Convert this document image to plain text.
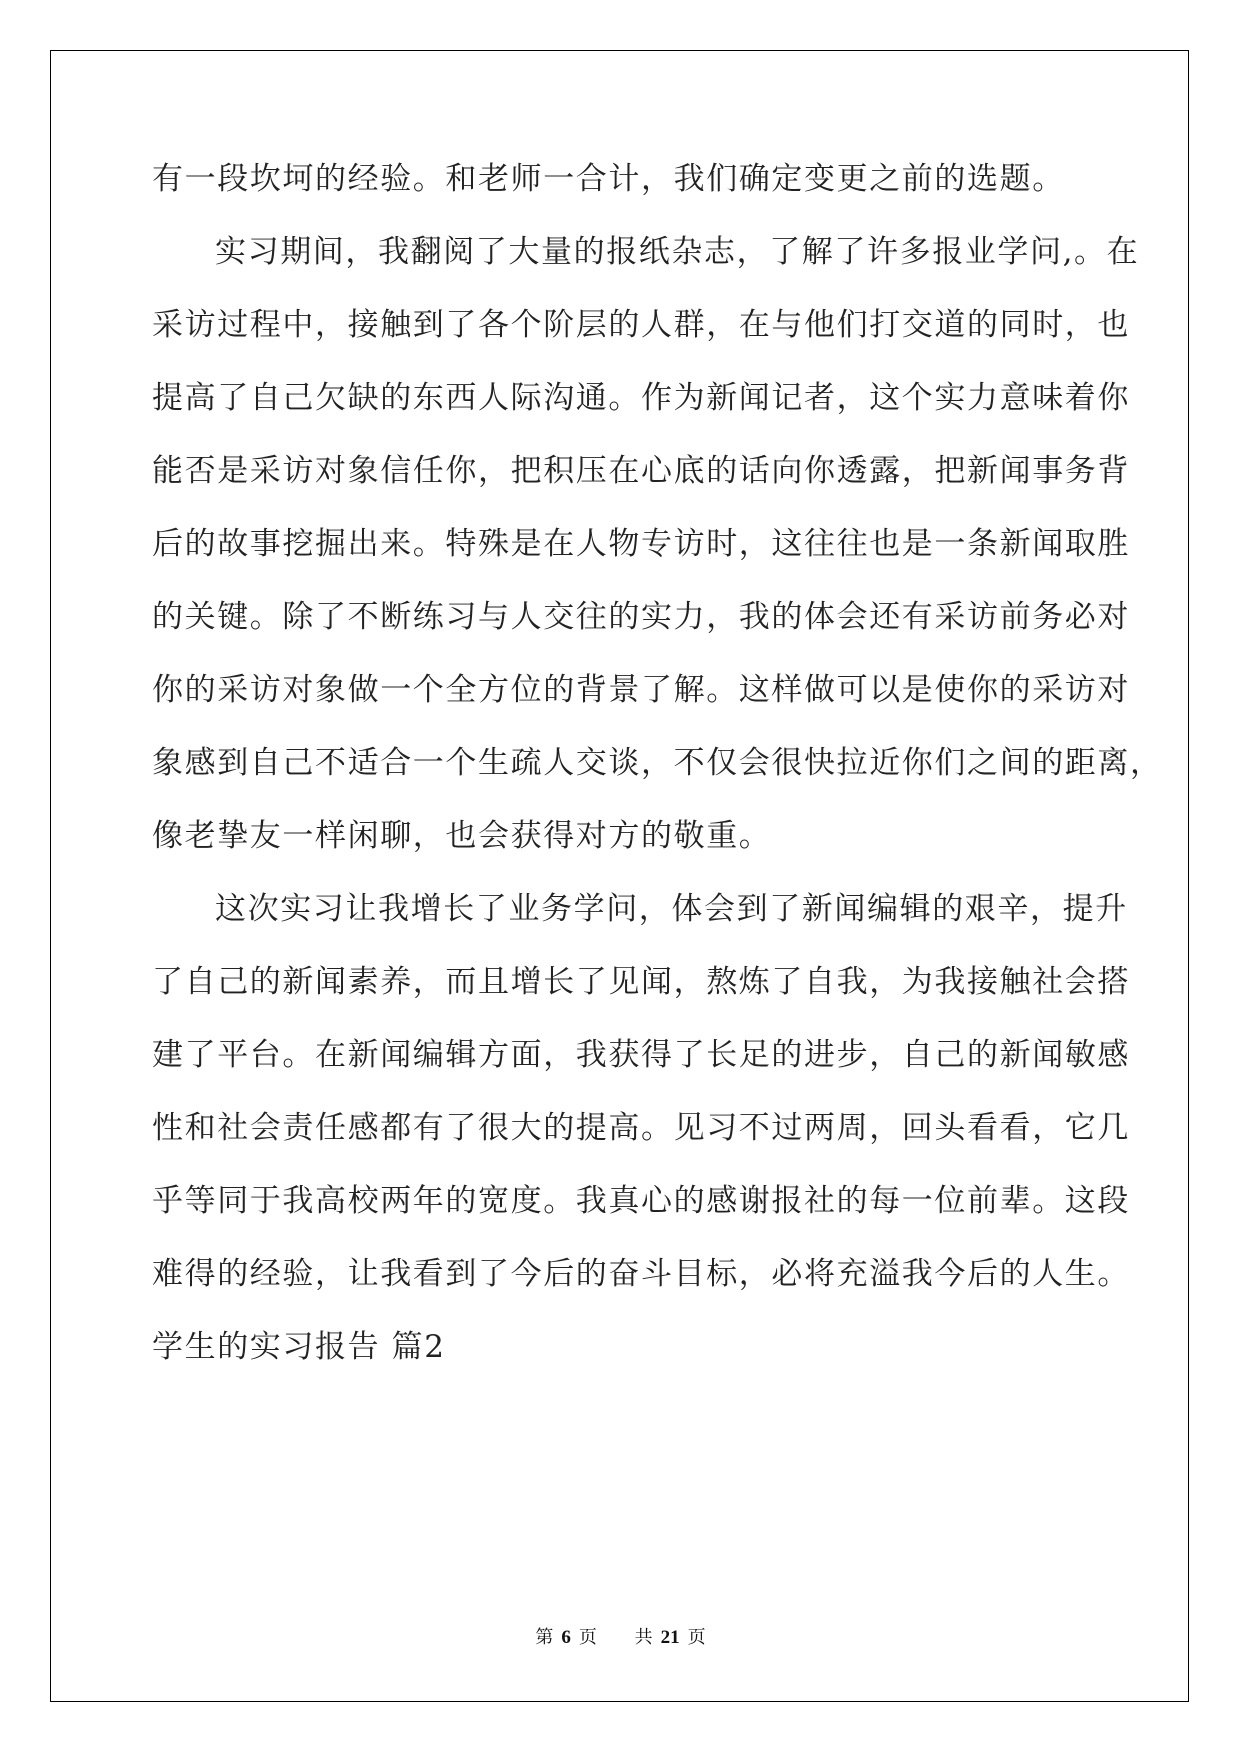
有一段坎坷的经验。和老师一合计，我们确定变更之前的选题。
实习期间，我翻阅了大量的报纸杂志，了解了许多报业学问,。在
采访过程中，接触到了各个阶层的人群，在与他们打交道的同时，也
提高了自己欠缺的东西人际沟通。作为新闻记者，这个实力意味着你
能否是采访对象信任你，把积压在心底的话向你透露，把新闻事务背
后的故事挖掘出来。特殊是在人物专访时，这往往也是一条新闻取胜
的关键。除了不断练习与人交往的实力，我的体会还有采访前务必对
你的采访对象做一个全方位的背景了解。这样做可以是使你的采访对
象感到自己不适合一个生疏人交谈，不仅会很快拉近你们之间的距离，
像老挚友一样闲聊，也会获得对方的敬重。
这次实习让我增长了业务学问，体会到了新闻编辑的艰辛，提升
了自己的新闻素养，而且增长了见闻，熬炼了自我，为我接触社会搭
建了平台。在新闻编辑方面，我获得了长足的进步，自己的新闻敏感
性和社会责任感都有了很大的提高。见习不过两周，回头看看，它几
乎等同于我高校两年的宽度。我真心的感谢报社的每一位前辈。这段
难得的经验，让我看到了今后的奋斗目标，必将充溢我今后的人生。
学生的实习报告 篇2
第 6 页 共 21 页
